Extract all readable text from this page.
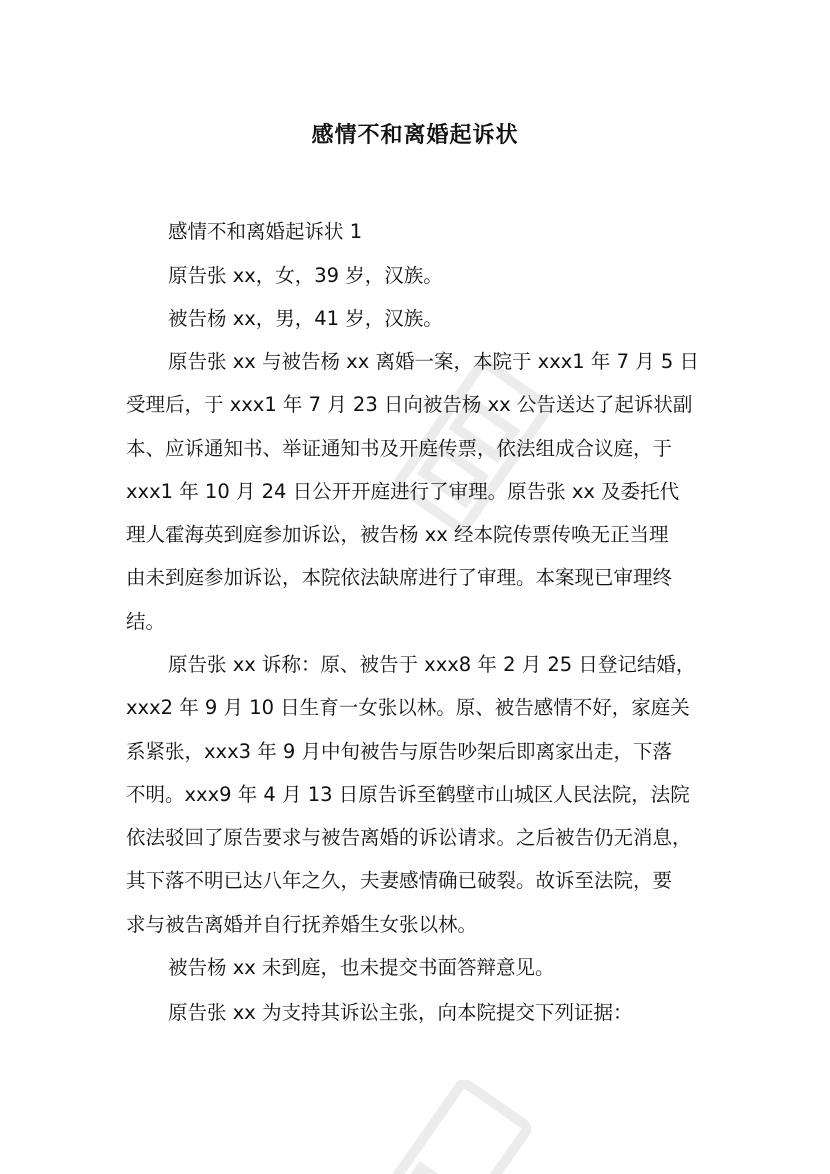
感情不和离婚起诉状
感情不和离婚起诉状 1
原告张 xx，女，39 岁，汉族。
被告杨 xx，男，41 岁，汉族。
原告张 xx 与被告杨 xx 离婚一案，本院于 xxx1 年 7 月 5 日
受理后，于 xxx1 年 7 月 23 日向被告杨 xx 公告送达了起诉状副
本、应诉通知书、举证通知书及开庭传票，依法组成合议庭，于
xxx1 年 10 月 24 日公开开庭进行了审理。原告张 xx 及委托代
理人霍海英到庭参加诉讼，被告杨 xx 经本院传票传唤无正当理
由未到庭参加诉讼，本院依法缺席进行了审理。本案现已审理终
结。
原告张 xx 诉称：原、被告于 xxx8 年 2 月 25 日登记结婚，
xxx2 年 9 月 10 日生育一女张以林。原、被告感情不好，家庭关
系紧张，xxx3 年 9 月中旬被告与原告吵架后即离家出走，下落
不明。xxx9 年 4 月 13 日原告诉至鹤壁市山城区人民法院，法院
依法驳回了原告要求与被告离婚的诉讼请求。之后被告仍无消息，
其下落不明已达八年之久，夫妻感情确已破裂。故诉至法院，要
求与被告离婚并自行抚养婚生女张以林。
被告杨 xx 未到庭，也未提交书面答辩意见。
原告张 xx 为支持其诉讼主张，向本院提交下列证据：
